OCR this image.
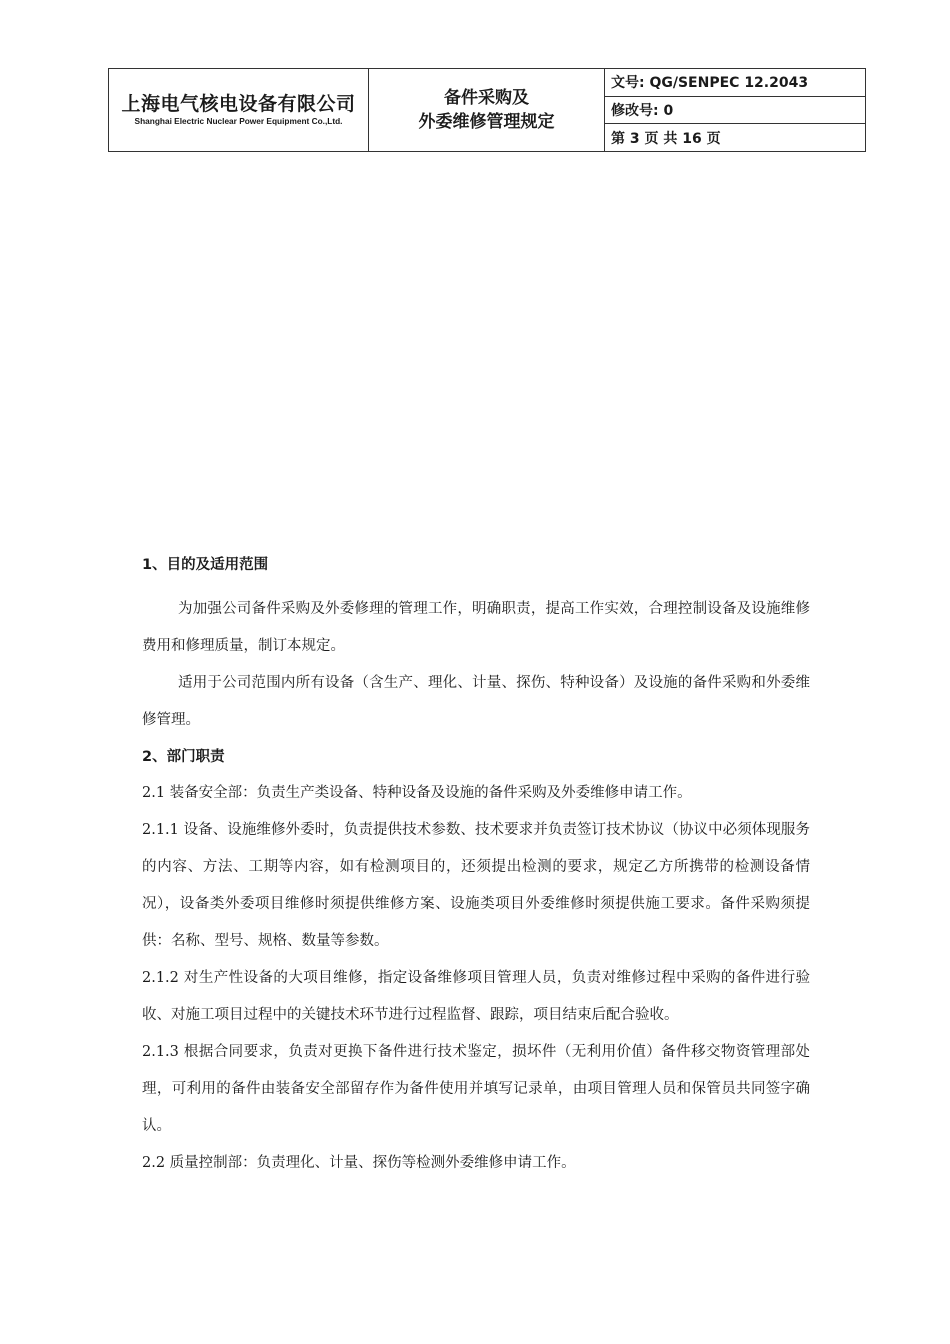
上海电气核电设备有限公司
Shanghai Electric Nuclear Power Equipment Co.,Ltd.
备件采购及
外委维修管理规定
文号: QG/SENPEC 12.2043
修改号: 0
第 3 页 共 16 页
1、目的及适用范围
为加强公司备件采购及外委修理的管理工作，明确职责，提高工作实效，合理控制设备及设施维修费用和修理质量，制订本规定。
适用于公司范围内所有设备（含生产、理化、计量、探伤、特种设备）及设施的备件采购和外委维修管理。
2、部门职责
2.1 装备安全部：负责生产类设备、特种设备及设施的备件采购及外委维修申请工作。
2.1.1 设备、设施维修外委时，负责提供技术参数、技术要求并负责签订技术协议（协议中必须体现服务的内容、方法、工期等内容，如有检测项目的，还须提出检测的要求，规定乙方所携带的检测设备情况），设备类外委项目维修时须提供维修方案、设施类项目外委维修时须提供施工要求。备件采购须提供：名称、型号、规格、数量等参数。
2.1.2 对生产性设备的大项目维修，指定设备维修项目管理人员，负责对维修过程中采购的备件进行验收、对施工项目过程中的关键技术环节进行过程监督、跟踪，项目结束后配合验收。
2.1.3 根据合同要求，负责对更换下备件进行技术鉴定，损坏件（无利用价值）备件移交物资管理部处理，可利用的备件由装备安全部留存作为备件使用并填写记录单，由项目管理人员和保管员共同签字确认。
2.2 质量控制部：负责理化、计量、探伤等检测外委维修申请工作。
